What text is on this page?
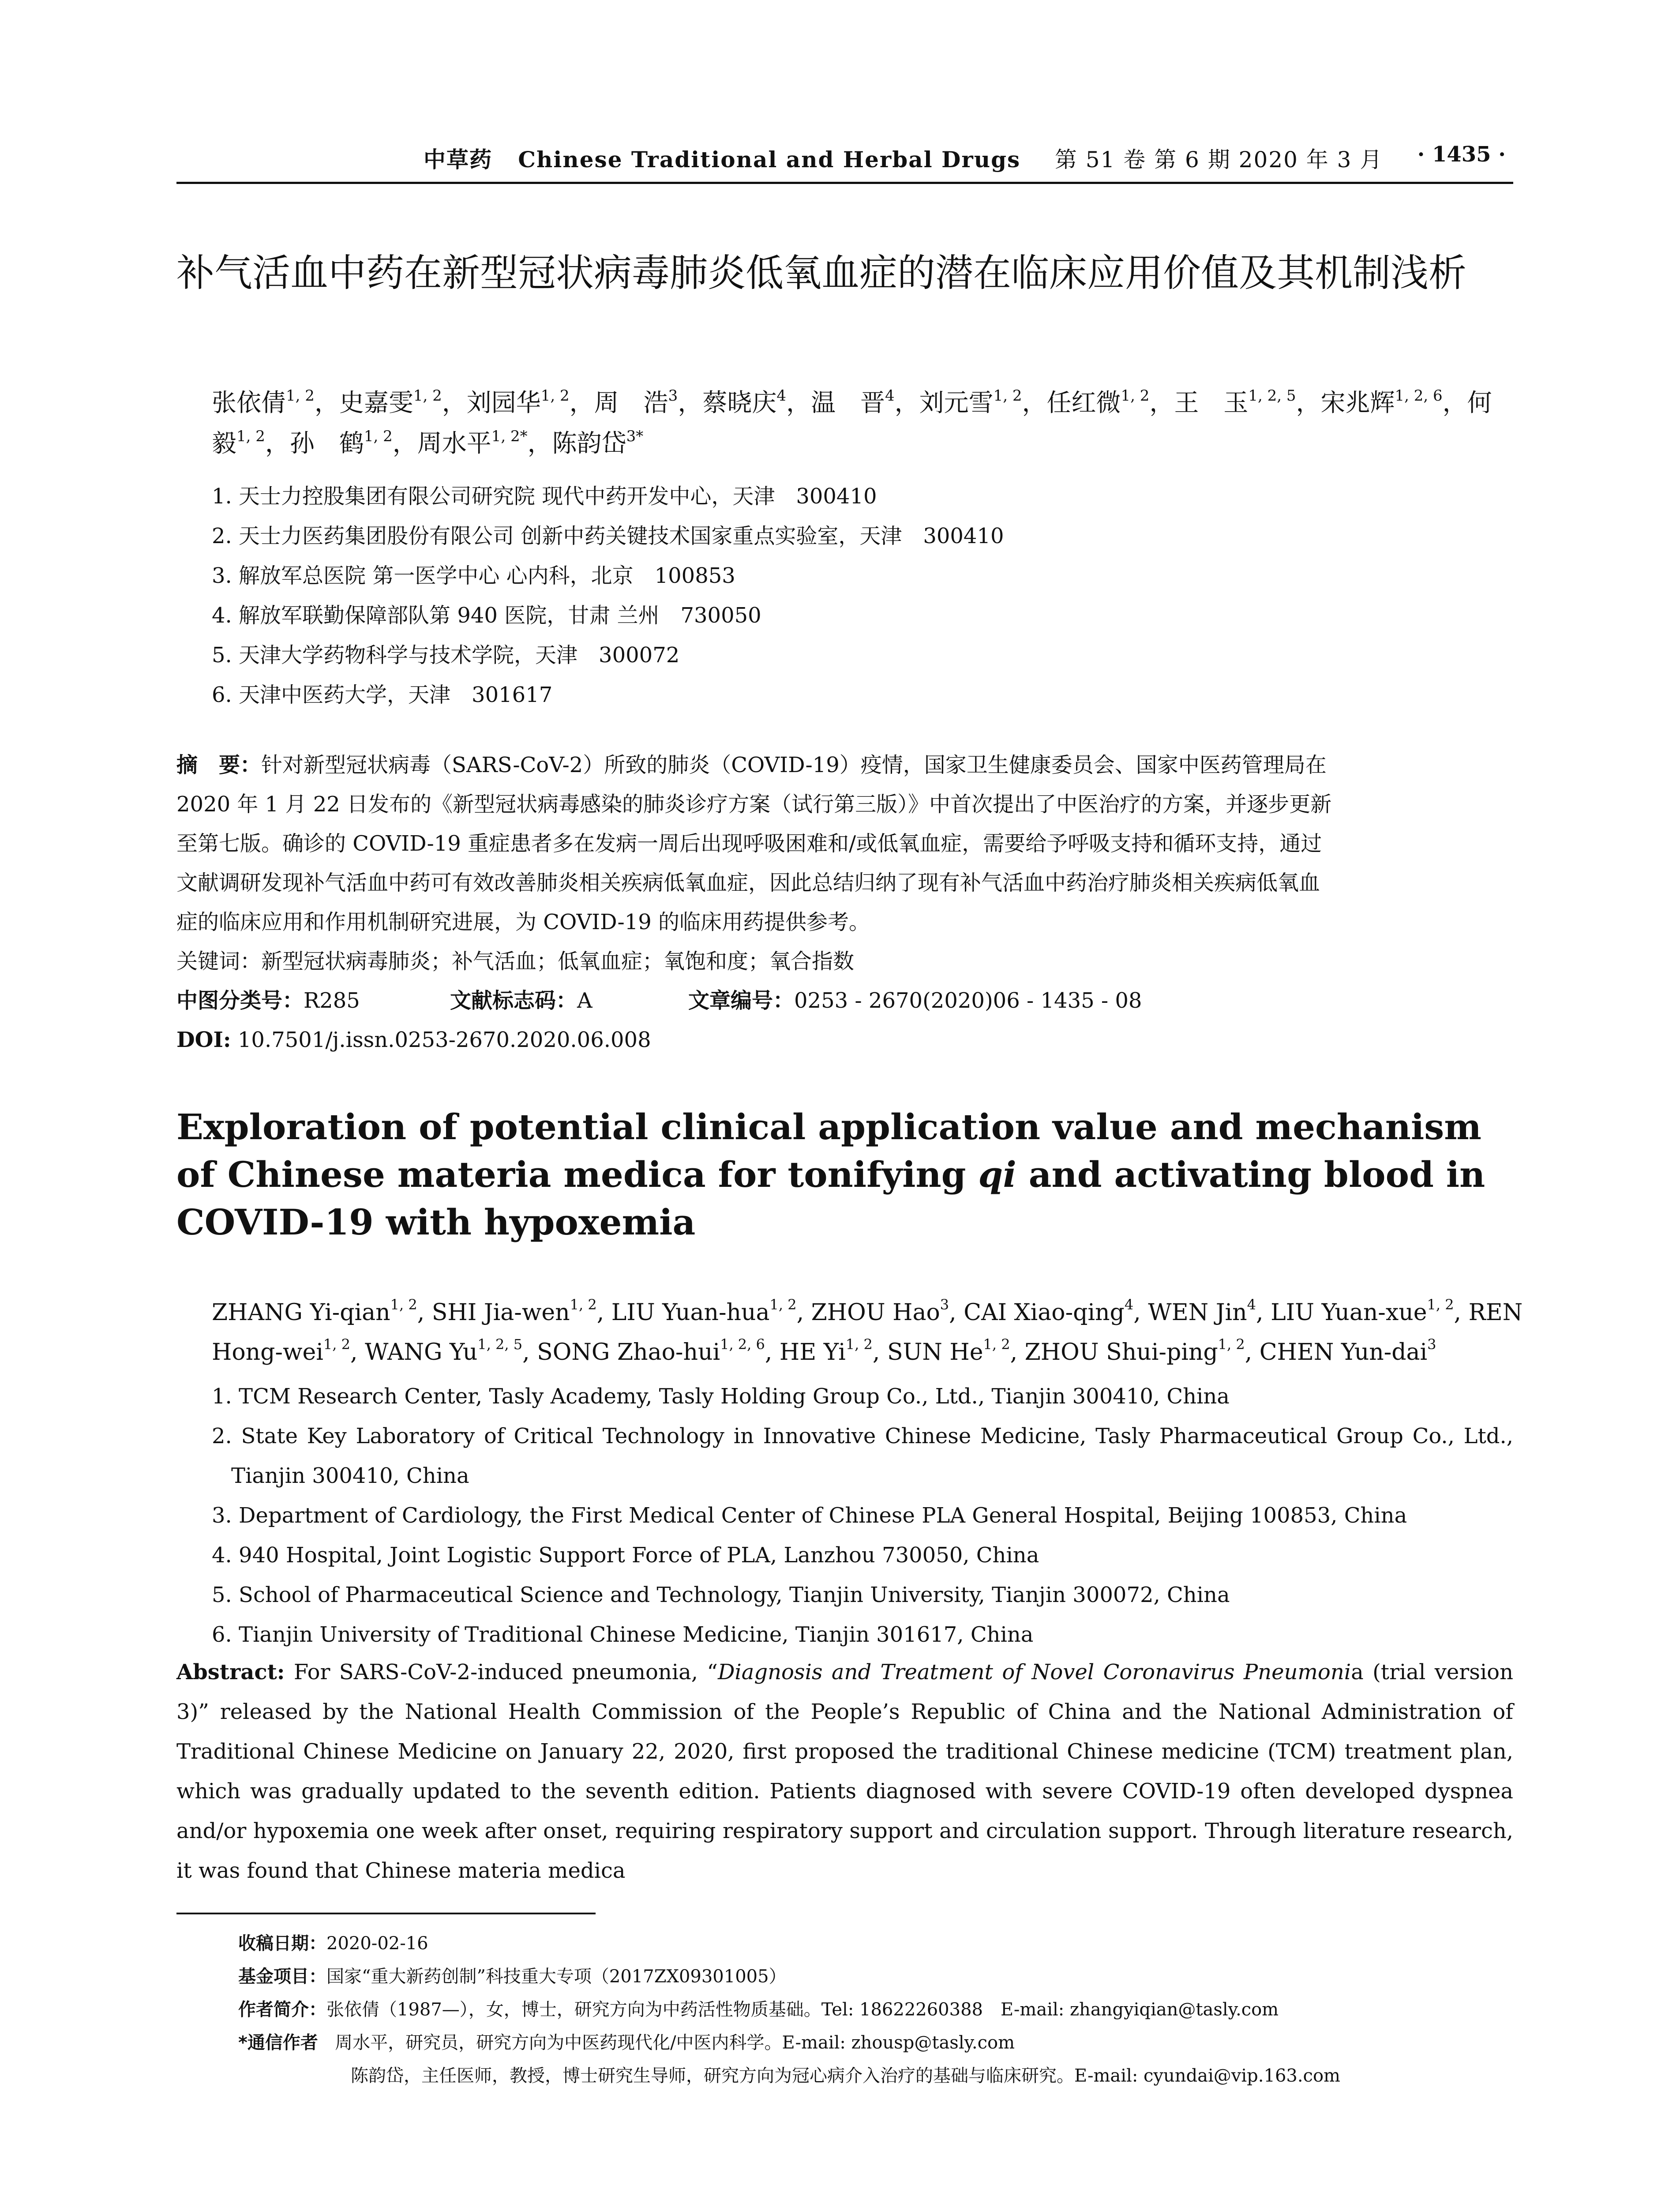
中草药 Chinese Traditional and Herbal Drugs 第 51 卷 第 6 期 2020 年 3 月 · 1435 ·
补气活血中药在新型冠状病毒肺炎低氧血症的潜在临床应用价值及其机制浅析
张依倩$^{1, 2}$，史嘉雯$^{1, 2}$，刘园华$^{1, 2}$，周　浩$^3$，蔡晓庆$^4$，温　晋$^4$，刘元雪$^{1, 2}$，任红微$^{1, 2}$，王　玉$^{1, 2, 5}$，宋兆辉$^{1, 2, 6}$，何　毅$^{1, 2}$，孙　鹤$^{1, 2}$，周水平$^{1, 2*}$，陈韵岱$^{3*}$
1. 天士力控股集团有限公司研究院 现代中药开发中心，天津　300410
2. 天士力医药集团股份有限公司 创新中药关键技术国家重点实验室，天津　300410
3. 解放军总医院 第一医学中心 心内科，北京　100853
4. 解放军联勤保障部队第 940 医院，甘肃 兰州　730050
5. 天津大学药物科学与技术学院，天津　300072
6. 天津中医药大学，天津　301617
摘　要：针对新型冠状病毒（SARS-CoV-2）所致的肺炎（COVID-19）疫情，国家卫生健康委员会、国家中医药管理局在
2020 年 1 月 22 日发布的《新型冠状病毒感染的肺炎诊疗方案（试行第三版）》中首次提出了中医治疗的方案，并逐步更新
至第七版。确诊的 COVID-19 重症患者多在发病一周后出现呼吸困难和/或低氧血症，需要给予呼吸支持和循环支持，通过
文献调研发现补气活血中药可有效改善肺炎相关疾病低氧血症，因此总结归纳了现有补气活血中药治疗肺炎相关疾病低氧血
症的临床应用和作用机制研究进展，为 COVID-19 的临床用药提供参考。
关键词：新型冠状病毒肺炎；补气活血；低氧血症；氧饱和度；氧合指数
中图分类号：R285	文献标志码：A	文章编号：0253 - 2670(2020)06 - 1435 - 08
DOI: 10.7501/j.issn.0253-2670.2020.06.008
Exploration of potential clinical application value and mechanism of Chinese materia medica for tonifying qi and activating blood in COVID-19 with hypoxemia
ZHANG Yi-qian$^{1, 2}$, SHI Jia-wen$^{1, 2}$, LIU Yuan-hua$^{1, 2}$, ZHOU Hao$^3$, CAI Xiao-qing$^4$, WEN Jin$^4$, LIU Yuan-xue$^{1, 2}$, REN Hong-wei$^{1, 2}$, WANG Yu$^{1, 2, 5}$, SONG Zhao-hui$^{1, 2, 6}$, HE Yi$^{1, 2}$, SUN He$^{1, 2}$, ZHOU Shui-ping$^{1, 2}$, CHEN Yun-dai$^3$
1. TCM Research Center, Tasly Academy, Tasly Holding Group Co., Ltd., Tianjin 300410, China
2. State Key Laboratory of Critical Technology in Innovative Chinese Medicine, Tasly Pharmaceutical Group Co., Ltd., Tianjin 300410, China
3. Department of Cardiology, the First Medical Center of Chinese PLA General Hospital, Beijing 100853, China
4. 940 Hospital, Joint Logistic Support Force of PLA, Lanzhou 730050, China
5. School of Pharmaceutical Science and Technology, Tianjin University, Tianjin 300072, China
6. Tianjin University of Traditional Chinese Medicine, Tianjin 301617, China
Abstract: For SARS-CoV-2-induced pneumonia, “Diagnosis and Treatment of Novel Coronavirus Pneumonia (trial version 3)” released by the National Health Commission of the People’s Republic of China and the National Administration of Traditional Chinese Medicine on January 22, 2020, first proposed the traditional Chinese medicine (TCM) treatment plan, which was gradually updated to the seventh edition. Patients diagnosed with severe COVID-19 often developed dyspnea and/or hypoxemia one week after onset, requiring respiratory support and circulation support. Through literature research, it was found that Chinese materia medica
收稿日期：2020-02-16
基金项目：国家“重大新药创制”科技重大专项（2017ZX09301005）
作者简介：张依倩（1987—），女，博士，研究方向为中药活性物质基础。Tel: 18622260388　E-mail: zhangyiqian@tasly.com
*通信作者 周水平，研究员，研究方向为中医药现代化/中医内科学。E-mail: zhousp@tasly.com
陈韵岱，主任医师，教授，博士研究生导师，研究方向为冠心病介入治疗的基础与临床研究。E-mail: cyundai@vip.163.com
